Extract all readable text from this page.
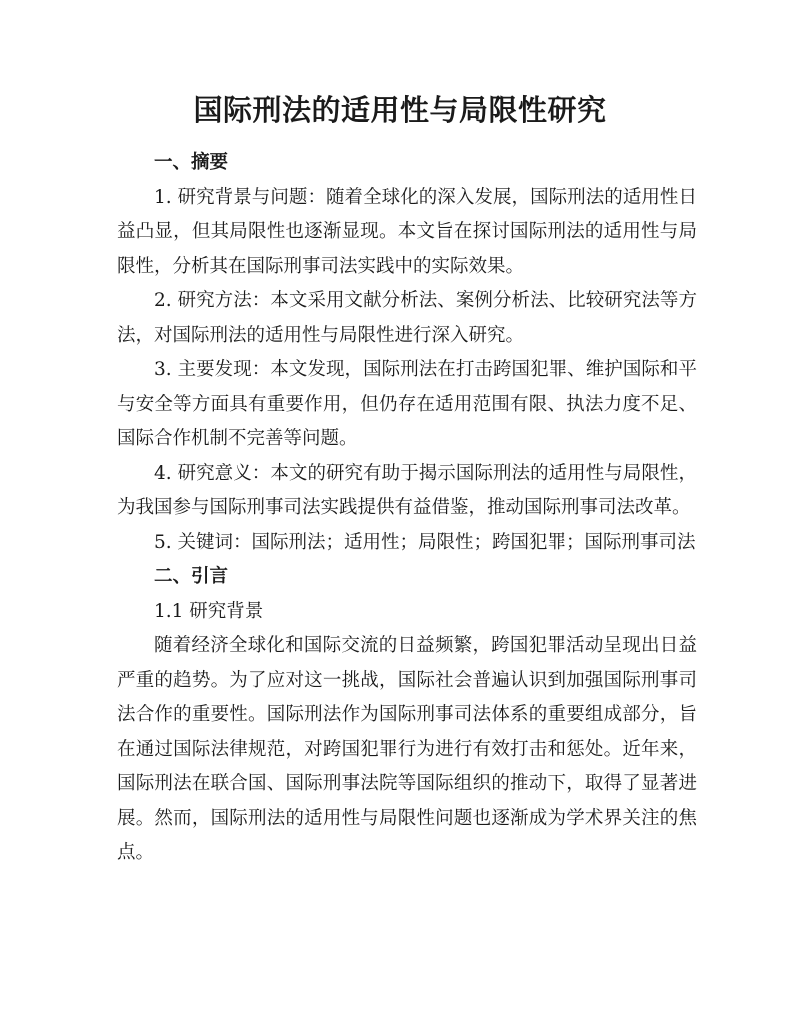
国际刑法的适用性与局限性研究
一、摘要

1. 研究背景与问题：随着全球化的深入发展，国际刑法的适用性日益凸显，但其局限性也逐渐显现。本文旨在探讨国际刑法的适用性与局限性，分析其在国际刑事司法实践中的实际效果。

2. 研究方法：本文采用文献分析法、案例分析法、比较研究法等方法，对国际刑法的适用性与局限性进行深入研究。

3. 主要发现：本文发现，国际刑法在打击跨国犯罪、维护国际和平与安全等方面具有重要作用，但仍存在适用范围有限、执法力度不足、国际合作机制不完善等问题。

4. 研究意义：本文的研究有助于揭示国际刑法的适用性与局限性，为我国参与国际刑事司法实践提供有益借鉴，推动国际刑事司法改革。

5. 关键词：国际刑法；适用性；局限性；跨国犯罪；国际刑事司法

二、引言
1.1 研究背景

随着经济全球化和国际交流的日益频繁，跨国犯罪活动呈现出日益严重的趋势。为了应对这一挑战，国际社会普遍认识到加强国际刑事司法合作的重要性。国际刑法作为国际刑事司法体系的重要组成部分，旨在通过国际法律规范，对跨国犯罪行为进行有效打击和惩处。近年来，国际刑法在联合国、国际刑事法院等国际组织的推动下，取得了显著进展。然而，国际刑法的适用性与局限性问题也逐渐成为学术界关注的焦点。
